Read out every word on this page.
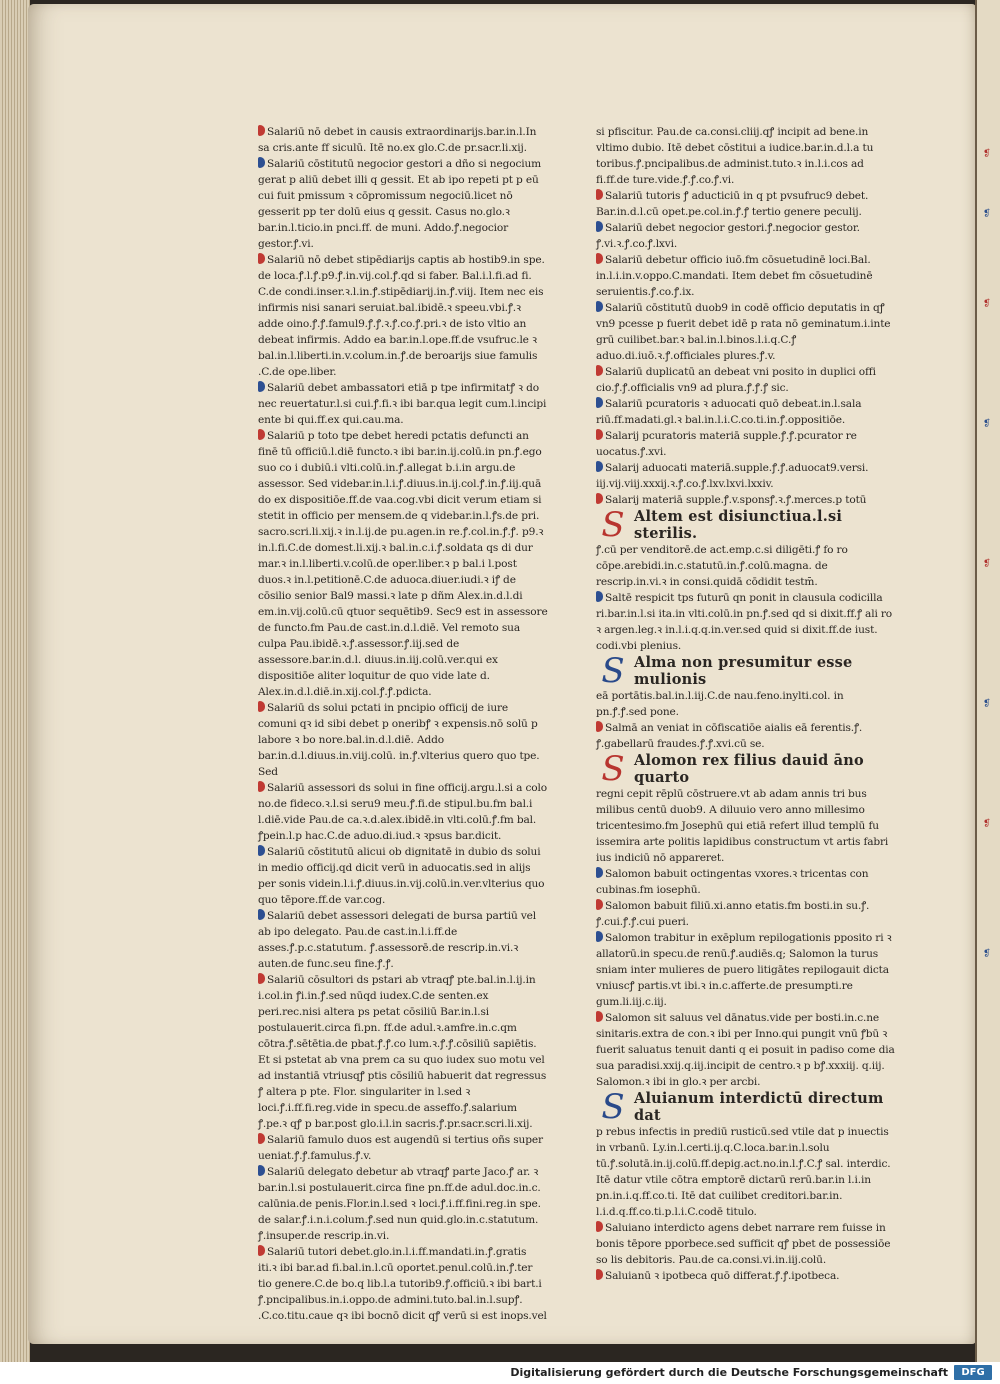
❡
❡
❡
❡
❡
❡
❡
❡
Salariū nō debet in causis extraordinarijs.bar.in.l.In sa cris.ante ff siculū. Itē no.ex glo.C.de pr.sacr.li.xij.
Salariū cōstitutū negocior gestori a dño si negocium gerat p aliū debet illi q gessit. Et ab ipo repeti pt p eū cui fuit pmissum ꝛ cōpromissum negociū.licet nō gesserit pp ter dolū eius q gessit. Casus no.glo.ꝛ bar.in.l.ticio.in pnci.ff. de muni. Addo.ꝭ.negocior gestor.ꝭ.vi.
Salariū nō debet stipēdiarijs captis ab hostib9.in spe. de loca.ꝭ.l.ꝭ.p9.ꝭ.in.vij.col.ꝭ.qd si faber. Bal.i.l.fi.ad fi. C.de condi.inser.ꝛ.l.in.ꝭ.stipēdiarij.in.ꝭ.viij. Item nec eis infirmis nisi sanari seruiat.bal.ibidē.ꝛ speeu.vbi.ꝭ.ꝛ adde oino.ꝭ.ꝭ.famul9.ꝭ.ꝭ.ꝛ.ꝭ.co.ꝭ.pri.ꝛ de isto vltio an debeat infirmis. Addo ea bar.in.l.ope.ff.de vsufruc.le ꝛ bal.in.l.liberti.in.v.colum.in.ꝭ.de beroarijs siue famulis .C.de ope.liber.
Salariū debet ambassatori etiā p tpe infirmitatꝭ ꝛ do nec reuertatur.l.si cui.ꝭ.fi.ꝛ ibi bar.qua legit cum.l.incipi ente bi qui.ff.ex qui.cau.ma.
Salariū p toto tpe debet heredi pctatis defuncti an finē tū officiū.l.diē functo.ꝛ ibi bar.in.ij.colū.in pn.ꝭ.ego suo co i dubiū.i vlti.colū.in.ꝭ.allegat b.i.in argu.de assessor. Sed videbar.in.l.i.ꝭ.diuus.in.ij.col.ꝭ.in.ꝭ.iij.quā do ex dispositiōe.ff.de vaa.cog.vbi dicit verum etiam si stetit in officio per mensem.de q videbar.in.l.ꝭs.de pri. sacro.scri.li.xij.ꝛ in.l.ij.de pu.agen.in re.ꝭ.col.in.ꝭ.ꝭ. p9.ꝛ in.l.fi.C.de domest.li.xij.ꝛ bal.in.c.i.ꝭ.soldata qs di dur mar.ꝛ in.l.liberti.v.colū.de oper.liber.ꝛ p bal.i l.post duos.ꝛ in.l.petitionē.C.de aduoca.diuer.iudi.ꝛ iꝭ de cōsilio senior Bal9 massi.ꝛ late p dñm Alex.in.d.l.di em.in.vij.colū.cū qtuor sequētib9. Sec9 est in assessore de functo.fm Pau.de cast.in.d.l.diē. Vel remoto sua culpa Pau.ibidē.ꝛ.ꝭ.assessor.ꝭ.iij.sed de assessore.bar.in.d.l. diuus.in.iij.colū.ver.qui ex dispositiōe aliter loquitur de quo vide late d. Alex.in.d.l.diē.in.xij.col.ꝭ.ꝭ.pdicta.
Salariū ds solui pctati in pncipio officij de iure comuni qꝛ id sibi debet p oneribꝭ ꝛ expensis.nō solū p labore ꝛ bo nore.bal.in.d.l.diē. Addo bar.in.d.l.diuus.in.viij.colū. in.ꝭ.vlterius quero quo tpe. Sed
Salariū assessori ds solui in fine officij.argu.l.si a colo no.de fideco.ꝛ.l.si seru9 meu.ꝭ.fi.de stipul.bu.fm bal.i l.diē.vide Pau.de ca.ꝛ.d.alex.ibidē.in vlti.colū.ꝭ.fm bal. ꝭpein.l.p hac.C.de aduo.di.iud.ꝛ ꝛpsus bar.dicit.
Salariū cōstitutū alicui ob dignitatē in dubio ds solui in medio officij.qd dicit verū in aduocatis.sed in alijs per sonis videin.l.i.ꝭ.diuus.in.vij.colū.in.ver.vlterius quo quo tēpore.ff.de var.cog.
Salariū debet assessori delegati de bursa partiū vel ab ipo delegato. Pau.de cast.in.l.i.ff.de asses.ꝭ.p.c.statutum. ꝭ.assessorē.de rescrip.in.vi.ꝛ auten.de func.seu fine.ꝭ.ꝭ.
Salariū cōsultori ds pstari ab vtraqꝭ pte.bal.in.l.ij.in i.col.in ꝭi.in.ꝭ.sed nūqd iudex.C.de senten.ex peri.rec.nisi altera ps petat cōsiliū Bar.in.l.si postulauerit.circa fi.pn. ff.de adul.ꝛ.amfre.in.c.qm cōtra.ꝭ.sētētia.de pbat.ꝭ.ꝭ.co lum.ꝛ.ꝭ.ꝭ.cōsiliū sapiētis. Et si pstetat ab vna prem ca su quo iudex suo motu vel ad instantiā vtriusqꝭ ptis cōsiliū habuerit dat regressus ꝭ altera p pte. Flor. singulariter in l.sed ꝛ loci.ꝭ.i.ff.fi.reg.vide in specu.de asseffo.ꝭ.salarium ꝭ.pe.ꝛ qꝭ p bar.post glo.i.l.in sacris.ꝭ.pr.sacr.scri.li.xij.
Salariū famulo duos est augendū si tertius oñs super ueniat.ꝭ.ꝭ.famulus.ꝭ.v.
Salariū delegato debetur ab vtraqꝭ parte Jaco.ꝭ ar. ꝛ bar.in.l.si postulauerit.circa fine pn.ff.de adul.doc.in.c. calūnia.de penis.Flor.in.l.sed ꝛ loci.ꝭ.i.ff.fini.reg.in spe. de salar.ꝭ.i.n.i.colum.ꝭ.sed nun quid.glo.in.c.statutum. ꝭ.insuper.de rescrip.in.vi.
Salariū tutori debet.glo.in.l.i.ff.mandati.in.ꝭ.gratis iti.ꝛ ibi bar.ad fi.bal.in.l.cū oportet.penul.colū.in.ꝭ.ter tio genere.C.de bo.q lib.l.a tutorib9.ꝭ.officiū.ꝛ ibi bart.i ꝭ.pncipalibus.in.i.oppo.de admini.tuto.bal.in.l.supꝭ. .C.co.titu.caue qꝛ ibi bocnō dicit qꝭ verū si est inops.vel
si pfiscitur. Pau.de ca.consi.cliij.qꝭ incipit ad bene.in vltimo dubio. Itē debet cōstitui a iudice.bar.in.d.l.a tu toribus.ꝭ.pncipalibus.de administ.tuto.ꝛ in.l.i.cos ad fi.ff.de ture.vide.ꝭ.ꝭ.co.ꝭ.vi.
Salariū tutoris ꝭ aducticiū in q pt pvsufruc9 debet. Bar.in.d.l.cū opet.pe.col.in.ꝭ.ꝭ tertio genere peculij.
Salariū debet negocior gestori.ꝭ.negocior gestor. ꝭ.vi.ꝛ.ꝭ.co.ꝭ.lxvi.
Salariū debetur officio iuō.fm cōsuetudinē loci.Bal. in.l.i.in.v.oppo.C.mandati. Item debet fm cōsuetudinē seruientis.ꝭ.co.ꝭ.ix.
Salariū cōstitutū duob9 in codē officio deputatis in qꝭ vn9 pcesse p fuerit debet idē p rata nō geminatum.i.inte grū cuilibet.bar.ꝛ bal.in.l.binos.l.i.q.C.ꝭ aduo.di.iuō.ꝛ.ꝭ.officiales plures.ꝭ.v.
Salariū duplicatū an debeat vni posito in duplici offi cio.ꝭ.ꝭ.officialis vn9 ad plura.ꝭ.ꝭ.ꝭ sic.
Salariū pcuratoris ꝛ aduocati quō debeat.in.l.sala riū.ff.madati.gl.ꝛ bal.in.l.i.C.co.ti.in.ꝭ.oppositiōe.
Salarij pcuratoris materiā supple.ꝭ.ꝭ.pcurator re uocatus.ꝭ.xvi.
Salarij aduocati materiā.supple.ꝭ.ꝭ.aduocat9.versi. iij.vij.viij.xxxij.ꝛ.ꝭ.co.ꝭ.lxv.lxvi.lxxiv.
Salarij materiā supple.ꝭ.v.sponsꝭ.ꝛ.ꝭ.merces.p totū
S Altem est disiunctiua.l.si sterilis.
ꝭ.cū per venditorē.de act.emp.c.si diligēti.ꝭ fo ro cōpe.arebidi.in.c.statutū.in.ꝭ.colū.magna. de rescrip.in.vi.ꝛ in consi.quidā cōdidit testm̄.
Saltē respicit tps futurū qn ponit in clausula codicilla ri.bar.in.l.si ita.in vlti.colū.in pn.ꝭ.sed qd si dixit.ff.ꝭ ali ro ꝛ argen.leg.ꝛ in.l.i.q.q.in.ver.sed quid si dixit.ff.de iust. codi.vbi plenius.
S Alma non presumitur esse mulionis
eā portātis.bal.in.l.iij.C.de nau.feno.inylti.col. in pn.ꝭ.ꝭ.sed pone.
Salmā an veniat in cōfiscatiōe aialis eā ferentis.ꝭ. ꝭ.gabellarū fraudes.ꝭ.ꝭ.xvi.cū se.
S Alomon rex filius dauid āno quarto
regni cepit rēplū cōstruere.vt ab adam annis tri bus milibus centū duob9. A diluuio vero anno millesimo tricentesimo.fm Josephū qui etiā refert illud templū fu issemira arte politis lapidibus constructum vt artis fabri ius indiciū nō appareret.
Salomon babuit octingentas vxores.ꝛ tricentas con cubinas.fm iosephū.
Salomon babuit filiū.xi.anno etatis.fm bosti.in su.ꝭ. ꝭ.cui.ꝭ.ꝭ.cui pueri.
Salomon trabitur in exēplum repilogationis pposito ri ꝛ allatorū.in specu.de renū.ꝭ.audiēs.q; Salomon la turus sniam inter mulieres de puero litigātes repilogauit dicta vniuscꝭ partis.vt ibi.ꝛ in.c.afferte.de presumpti.re gum.li.iij.c.iij.
Salomon sit saluus vel dānatus.vide per bosti.in.c.ne sinitaris.extra de con.ꝛ ibi per Inno.qui pungit vnū ꝭbū ꝛ fuerit saluatus tenuit danti q ei posuit in padiso come dia sua paradisi.xxij.q.iij.incipit de centro.ꝛ p bꝭ.xxxiij. q.iij. Salomon.ꝛ ibi in glo.ꝛ per arcbi.
S Aluianum interdictū directum dat
p rebus infectis in prediū rusticū.sed vtile dat p inuectis in vrbanū. Ly.in.l.certi.ij.q.C.loca.bar.in.l.solu tū.ꝭ.solutā.in.ij.colū.ff.depig.act.no.in.l.ꝭ.C.ꝭ sal. interdic. Itē datur vtile cōtra emptorē dictarū rerū.bar.in l.i.in pn.in.i.q.ff.co.ti. Itē dat cuilibet creditori.bar.in. l.i.d.q.ff.co.ti.p.l.i.C.codē titulo.
Saluiano interdicto agens debet narrare rem fuisse in bonis tēpore pporbece.sed sufficit qꝭ pbet de possessiōe so lis debitoris. Pau.de ca.consi.vi.in.iij.colū.
Saluianū ꝛ ipotbeca quō differat.ꝭ.ꝭ.ipotbeca.
Digitalisierung gefördert durch die Deutsche Forschungsgemeinschaft	DFG
